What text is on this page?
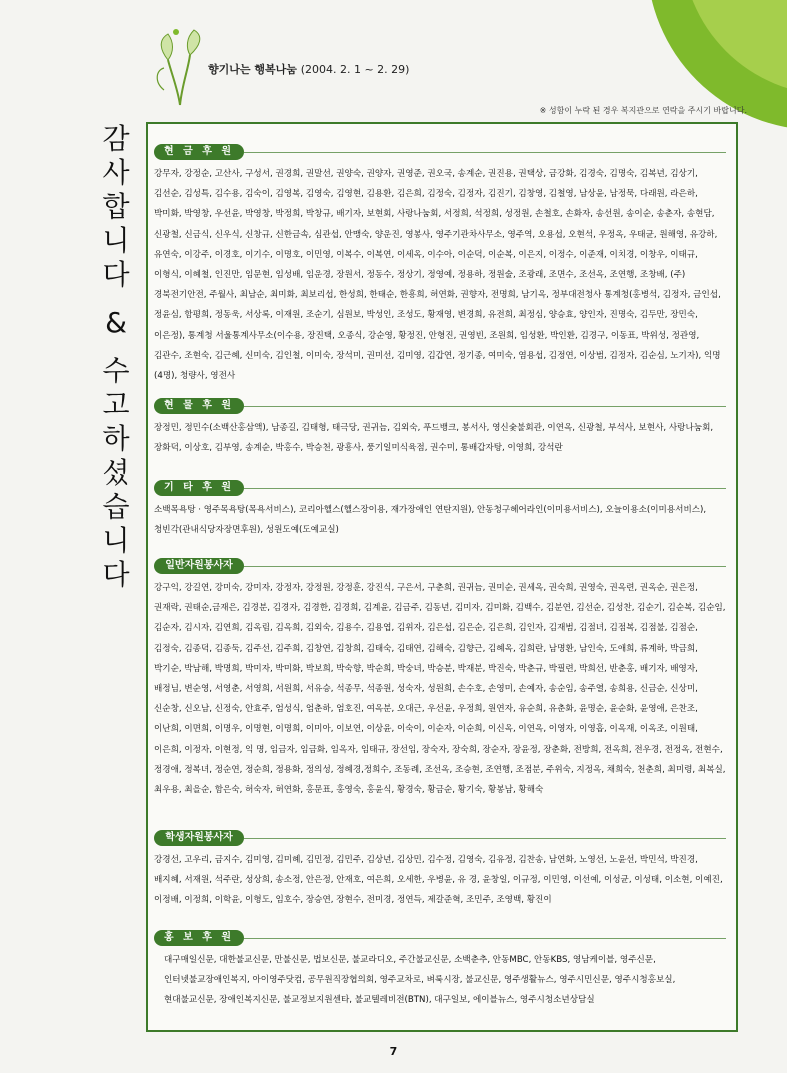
향기나는 행복나눔 (2004. 2. 1 ~ 2. 29)
※ 성함이 누락 된 경우 복지관으로 연락을 주시기 바랍니다.
감
사
합
니
다
&
수
고
하
셨
습
니
다
현 금 후 원
강무자, 강정순, 고산사, 구성서, 권경희, 권말선, 권양숙, 권양자, 권영준, 권오국, 송계순, 권진용, 권택상, 금강화, 김경숙, 김명숙, 김복년, 김상기, 김선순, 김성특, 김수용, 김숙이, 김영복, 김영숙, 김영현, 김용환, 김은희, 김정숙, 김정자, 김진기, 김창영, 김철영, 남상윤, 남정묵, 다래원, 라은하, 박미화, 박영창, 우선윤, 박영창, 박정희, 박창규, 배기자, 보현회, 사랑나눔회, 서정희, 석정희, 성정원, 손철호, 손화자, 송선원, 송이순, 송춘자, 송현담, 신광철, 신금식, 신우식, 신창규, 신한금속, 심관섭, 안맹숙, 양운진, 영봉사, 영주기관차사무소, 영주역, 오용섭, 오현석, 우정옥, 우태균, 원해영, 유강하, 유연숙, 이강주, 이경호, 이기수, 이명호, 이민영, 이복수, 이복연, 이세옥, 이수아, 이순덕, 이순복, 이은지, 이정수, 이준재, 이치경, 이창우, 이태규, 이형식, 이혜철, 인진만, 임문현, 임성배, 임운경, 장원서, 정동수, 정상기, 정영예, 정용하, 정원술, 조광래, 조면수, 조선옥, 조연행, 조창배, (주)경북전기안전, 주월사, 최남순, 최미화, 최보리섭, 한성희, 한태순, 한흥희, 허연화, 권향자, 전명희, 남기옥, 정부대전청사 통계청(홍병석, 김정자, 금인섭, 정윤심, 함평희, 정동욱, 서상록, 이재원, 조순기, 심원보, 박성인, 조성도, 황재영, 변경희, 유전희, 최정심, 양승효, 양인자, 진명숙, 김두만, 장민숙, 이은정), 통계청 서울통계사무소(이수용, 장진택, 오종식, 강순영, 황정진, 안형진, 권영빈, 조원희, 임성환, 박인환, 김경구, 이동표, 박위성, 정관영, 김관수, 조현숙, 김근혜, 신미숙, 김인철, 이미숙, 장석미, 권미선, 김미영, 김갑연, 정기종, 여미숙, 염용섭, 김정연, 이상범, 김정자, 김순심, 노기자), 익명(4명), 청량사, 영전사
현 물 후 원
장정민, 정민수(소백산홍삼액), 남종길, 김태형, 태극당, 권귀늠, 김외숙, 푸드뱅크, 봉서사, 영신숯불회관, 이연옥, 신광철, 부석사, 보현사, 사랑나눔회, 장화덕, 이상호, 김부영, 송계순, 박홍수, 박승천, 광흥사, 풍기일미식육점, 권수미, 통배갑자탕, 이영희, 강석란
기 타 후 원
소백목욕탕 · 영주목욕탕(목욕서비스), 코리아헬스(헬스장이용, 재가장애인 연탄지원), 안동청구헤어라인(이미용서비스), 오늘이용소(이미용서비스), 청빈각(관내식당자장면후원), 성원도예(도예교실)
일반자원봉사자
강구익, 강길연, 강미숙, 강미자, 강정자, 강정원, 강정훈, 강진식, 구은서, 구춘희, 권귀늠, 권미순, 권세옥, 권숙희, 권영숙, 권옥련, 권옥순, 권은정, 권재락, 권태순,금재은, 김경분, 김경자, 김경한, 김경희, 김계윤, 김금주, 김동년, 김미자, 김미화, 김백수, 김분연, 김선순, 김성찬, 김순기, 김순복, 김순임, 김순자, 김시자, 김연희, 김옥림, 김옥희, 김외숙, 김용수, 김용엽, 김위자, 김은섭, 김은순, 김은희, 김인자, 김재범, 김점녀, 김점복, 김점불, 김점순, 김정숙, 김종덕, 김종둑, 김주선, 김주희, 김창연, 김창희, 김태숙, 김태연, 김해숙, 김향근, 김혜옥, 김희란, 남명환, 남인숙, 도애희, 류계하, 박금희, 박기순, 박남해, 박명희, 박미자, 박미화, 박보희, 박숙향, 박순희, 박숭녀, 박승분, 박재분, 박진숙, 박춘규, 박필련, 박희선, 반춘홍, 배기자, 배영자, 배정님, 변순영, 서영춘, 서영희, 서원희, 서유승, 석종무, 석종원, 성숙자, 성원희, 손수호, 손영미, 손예자, 송순임, 송주열, 송희용, 신금순, 신상미, 신순창, 신오남, 신정숙, 안효주, 엄성식, 엄춘하, 엄호진, 여옥분, 오대근, 우선윤, 우정희, 원연자, 유순희, 유춘화, 윤명순, 윤순화, 윤영애, 은찬조, 이난희, 이면희, 이명우, 이명현, 이명희, 이미아, 이보연, 이상윤, 이숙이, 이순자, 이순희, 이신옥, 이연옥, 이영자, 이영흡, 이옥재, 이옥조, 이원태, 이은희, 이정자, 이현정, 익 명, 임금자, 임금화, 임옥자, 임태규, 장선임, 장숙자, 장숙희, 장순자, 장윤정, 장춘화, 전방희, 전옥희, 전우경, 전정옥, 전현수, 정경애, 정복녀, 정순연, 정순희, 정용화, 정의성, 정혜경,정희수, 조동례, 조선옥, 조승현, 조연행, 조점분, 주위숙, 지정옥, 채희숙, 천춘희, 최미령, 최복실, 최우용, 최을순, 함은숙, 허숙자, 허연화, 홍문표, 홍영숙, 홍윤식, 황경숙, 황금순, 황기숙, 황봉남, 황해숙
학생자원봉사자
강경선, 고우리, 금지수, 김미영, 김미혜, 김민정, 김민주, 김상년, 김상민, 김수정, 김영숙, 김유정, 김찬송, 남연화, 노영선, 노윤선, 박민석, 박진경, 배지혜, 서재원, 석주란, 성상희, 송소정, 안은정, 안재호, 여은희, 오세한, 우병윤, 유 경, 윤창일, 이규정, 이민영, 이선예, 이성균, 이성태, 이소현, 이예진, 이정배, 이정희, 이학윤, 이형도, 임호수, 장승연, 장현수, 전미경, 정연득, 제갈준혁, 조민주, 조영백, 황진이
홍 보 후 원
대구매일신문, 대한불교신문, 만불신문, 법보신문, 불교라디오, 주간불교신문, 소백춘추, 안동MBC, 안동KBS, 영남케이블, 영주신문, 인터넷불교장애인복지, 아이영주닷컴, 공무원직장협의회, 영주교차로, 벼룩시장, 불교신문, 영주생활뉴스, 영주시민신문, 영주시청홍보실, 현대불교신문, 장애인복지신문, 불교정보지원센타, 불교텔레비전(BTN), 대구일보, 에이블뉴스, 영주시청소년상담실
7
